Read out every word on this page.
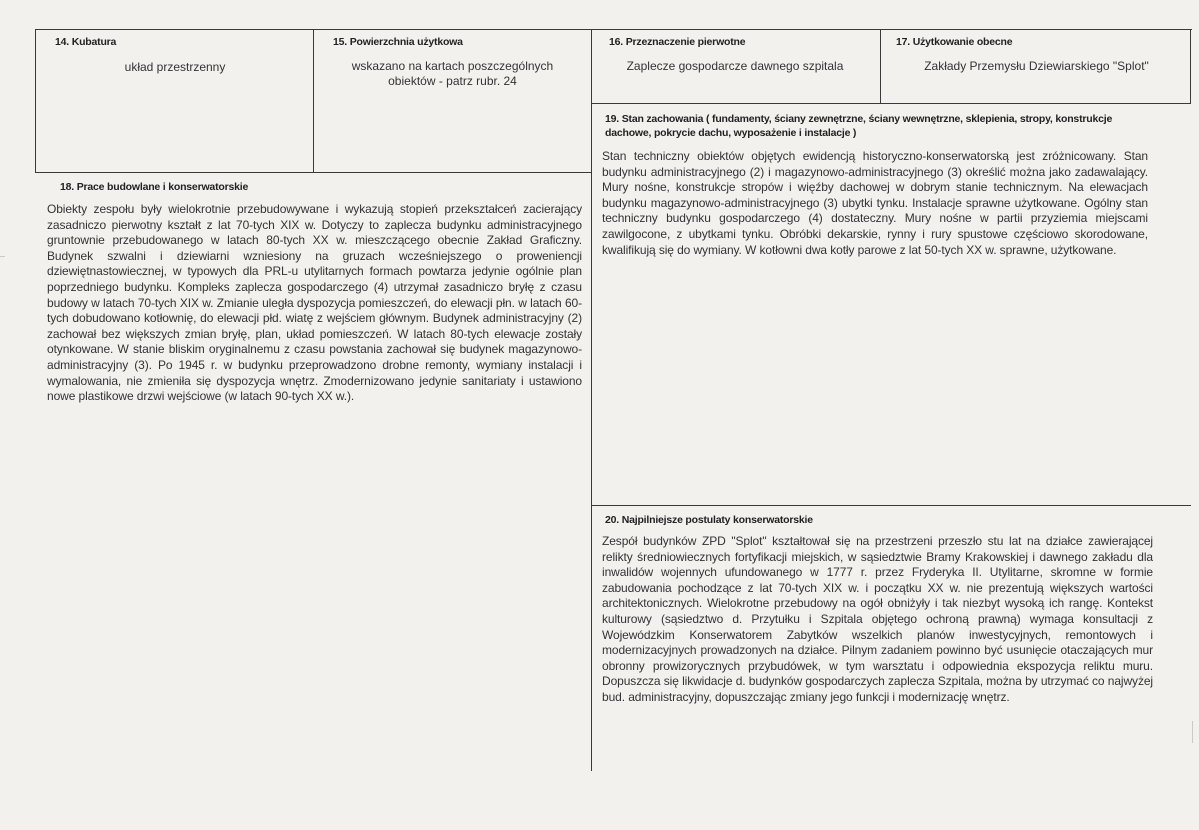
14. Kubatura
układ przestrzenny
15. Powierzchnia użytkowa
wskazano na kartach poszczególnych obiektów - patrz rubr. 24
16. Przeznaczenie pierwotne
Zaplecze gospodarcze dawnego szpitala
17. Użytkowanie obecne
Zakłady Przemysłu Dziewiarskiego "Splot"
18. Prace budowlane i konserwatorskie
Obiekty zespołu były wielokrotnie przebudowywane i wykazują stopień przekształceń zacierający zasadniczo pierwotny kształt z lat 70-tych XIX w. Dotyczy to zaplecza budynku administracyjnego gruntownie przebudowanego w latach 80-tych XX w. mieszczącego obecnie Zakład Graficzny. Budynek szwalni i dziewiarni wzniesiony na gruzach wcześniejszego o proweniencji dziewiętnastowiecznej, w typowych dla PRL-u utylitarnych formach powtarza jedynie ogólnie plan poprzedniego budynku. Kompleks zaplecza gospodarczego (4) utrzymał zasadniczo bryłę z czasu budowy w latach 70-tych XIX w. Zmianie uległa dyspozycja pomieszczeń, do elewacji płn. w latach 60-tych dobudowano kotłownię, do elewacji płd. wiatę z wejściem głównym. Budynek administracyjny (2) zachował bez większych zmian bryłę, plan, układ pomieszczeń. W latach 80-tych elewacje zostały otynkowane. W stanie bliskim oryginalnemu z czasu powstania zachował się budynek magazynowo-administracyjny (3). Po 1945 r. w budynku przeprowadzono drobne remonty, wymiany instalacji i wymalowania, nie zmieniła się dyspozycja wnętrz. Zmodernizowano jedynie sanitariaty i ustawiono nowe plastikowe drzwi wejściowe (w latach 90-tych XX w.).
19. Stan zachowania ( fundamenty, ściany zewnętrzne, ściany wewnętrzne, sklepienia, stropy, konstrukcje dachowe, pokrycie dachu, wyposażenie i instalacje )
Stan techniczny obiektów objętych ewidencją historyczno-konserwatorską jest zróżnicowany. Stan budynku administracyjnego (2) i magazynowo-administracyjnego (3) określić można jako zadawalający. Mury nośne, konstrukcje stropów i więźby dachowej w dobrym stanie technicznym. Na elewacjach budynku magazynowo-administracyjnego (3) ubytki tynku. Instalacje sprawne użytkowane. Ogólny stan techniczny budynku gospodarczego (4) dostateczny. Mury nośne w partii przyziemia miejscami zawilgocone, z ubytkami tynku. Obróbki dekarskie, rynny i rury spustowe częściowo skorodowane, kwalifikują się do wymiany. W kotłowni dwa kotły parowe z lat 50-tych XX w. sprawne, użytkowane.
20. Najpilniejsze postulaty konserwatorskie
Zespół budynków ZPD "Splot" kształtował się na przestrzeni przeszło stu lat na działce zawierającej relikty średniowiecznych fortyfikacji miejskich, w sąsiedztwie Bramy Krakowskiej i dawnego zakładu dla inwalidów wojennych ufundowanego w 1777 r. przez Fryderyka II. Utylitarne, skromne w formie zabudowania pochodzące z lat 70-tych XIX w. i początku XX w. nie prezentują większych wartości architektonicznych. Wielokrotne przebudowy na ogół obniżyły i tak niezbyt wysoką ich rangę. Kontekst kulturowy (sąsiedztwo d. Przytułku i Szpitala objętego ochroną prawną) wymaga konsultacji z Wojewódzkim Konserwatorem Zabytków wszelkich planów inwestycyjnych, remontowych i modernizacyjnych prowadzonych na działce. Pilnym zadaniem powinno być usunięcie otaczających mur obronny prowizorycznych przybudówek, w tym warsztatu i odpowiednia ekspozycja reliktu muru. Dopuszcza się likwidacje d. budynków gospodarczych zaplecza Szpitala, można by utrzymać co najwyżej bud. administracyjny, dopuszczając zmiany jego funkcji i modernizację wnętrz.
